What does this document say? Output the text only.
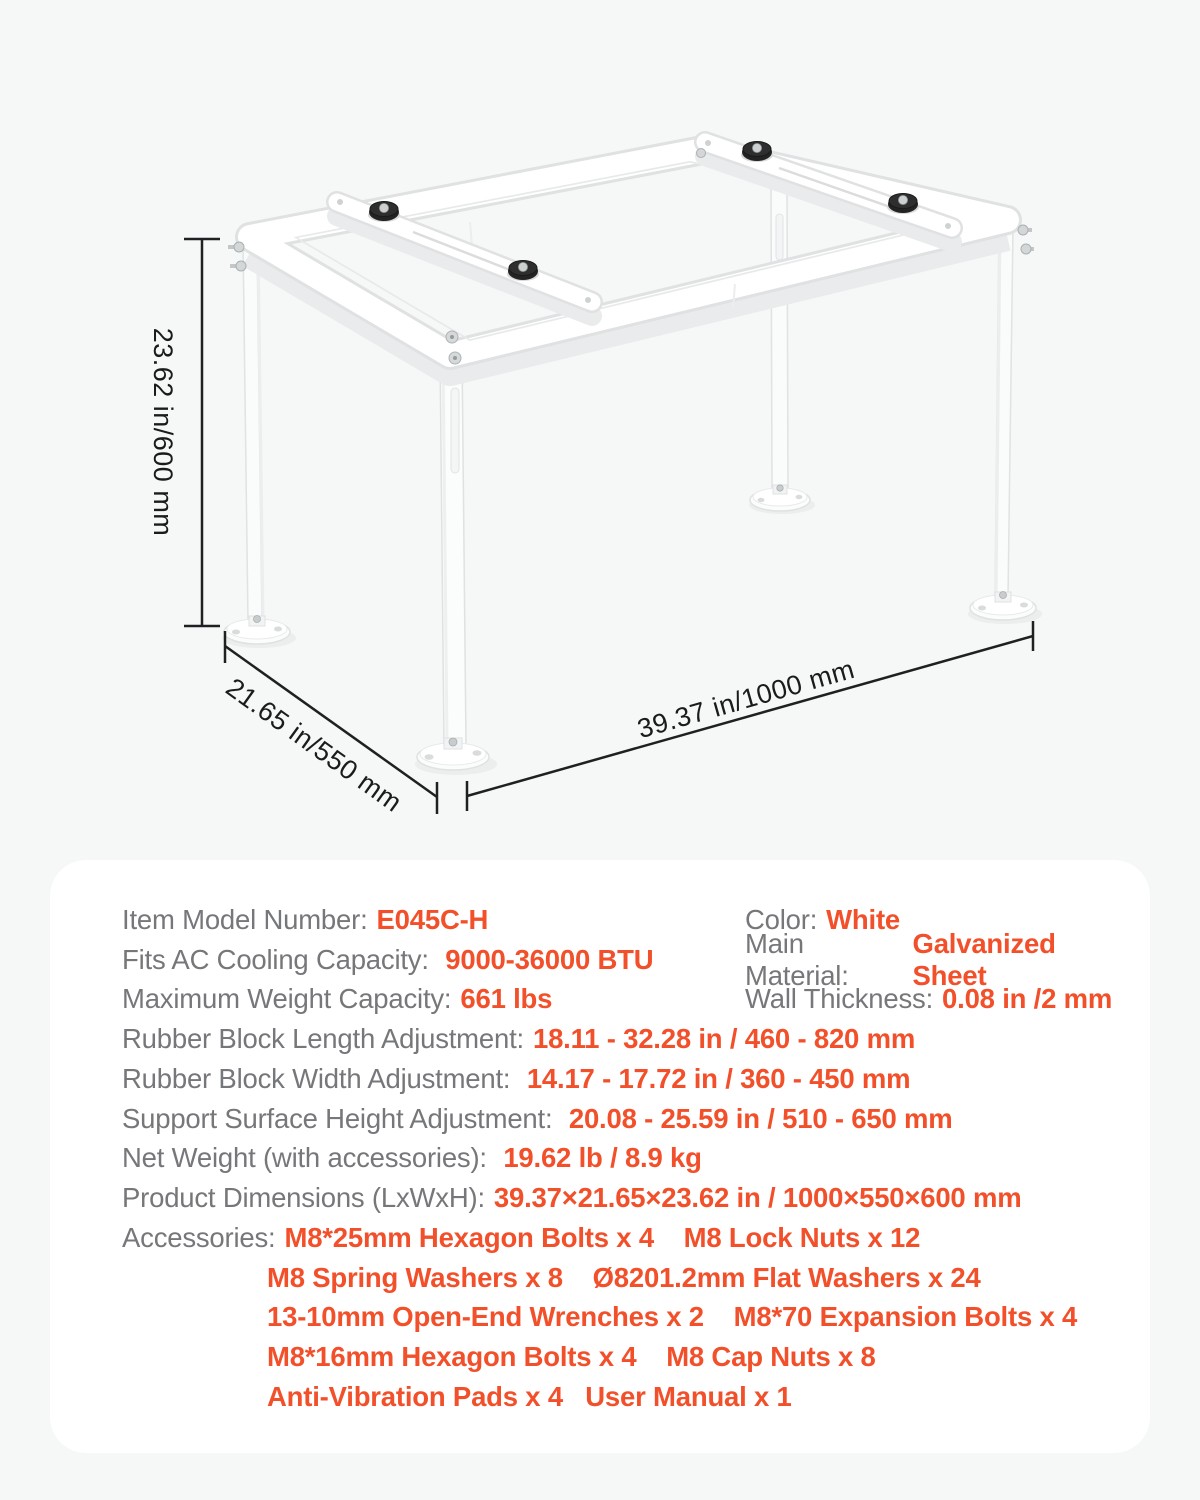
23.62 in/600 mm
21.65 in/550 mm	39.37 in/1000 mm
Item Model Number: E045C-H	Color: White
Fits AC Cooling Capacity: 9000-36000 BTU
Main Material:
Galvanized Sheet
Maximum Weight Capacity: 661 lbs	Wall Thickness: 0.08 in /2 mm
Rubber Block Length Adjustment: 18.11 - 32.28 in / 460 - 820 mm
Rubber Block Width Adjustment: 14.17 - 17.72 in / 360 - 450 mm
Support Surface Height Adjustment: 20.08 - 25.59 in / 510 - 650 mm
Net Weight (with accessories): 19.62 lb / 8.9 kg
Product Dimensions (LxWxH): 39.37×21.65×23.62 in / 1000×550×600 mm
Accessories: M8*25mm Hexagon Bolts x 4    M8 Lock Nuts x 12
M8 Spring Washers x 8    Ø8201.2mm Flat Washers x 24
13-10mm Open-End Wrenches x 2    M8*70 Expansion Bolts x 4
M8*16mm Hexagon Bolts x 4    M8 Cap Nuts x 8
Anti-Vibration Pads x 4   User Manual x 1
